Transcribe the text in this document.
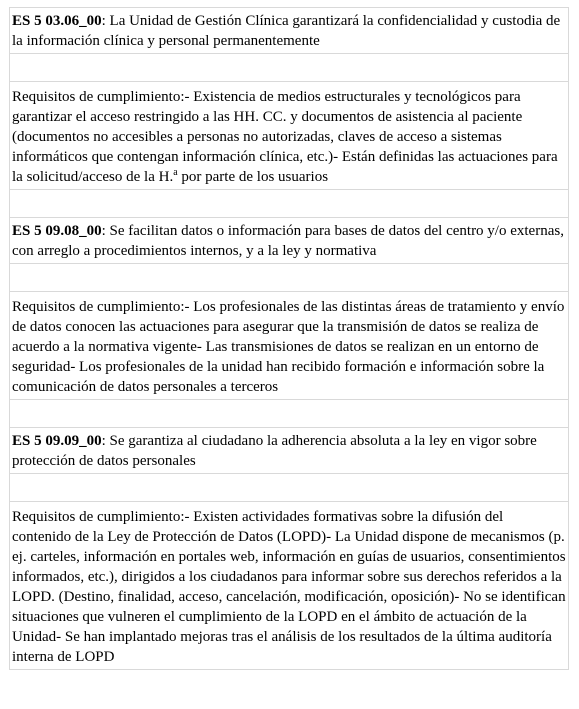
ES 5 03.06_00: La Unidad de Gestión Clínica garantizará la confidencialidad y custodia de la información clínica y personal permanentemente

Requisitos de cumplimiento:- Existencia de medios estructurales y tecnológicos para garantizar el acceso restringido a las HH. CC. y documentos de asistencia al paciente (documentos no accesibles a personas no autorizadas, claves de acceso a sistemas informáticos que contengan información clínica, etc.)- Están definidas las actuaciones para la solicitud/acceso de la H.$^a$ por parte de los usuarios

ES 5 09.08_00: Se facilitan datos o información para bases de datos del centro y/o externas, con arreglo a procedimientos internos, y a la ley y normativa

Requisitos de cumplimiento:- Los profesionales de las distintas áreas de tratamiento y envío de datos conocen las actuaciones para asegurar que la transmisión de datos se realiza de acuerdo a la normativa vigente- Las transmisiones de datos se realizan en un entorno de seguridad- Los profesionales de la unidad han recibido formación e información sobre la comunicación de datos personales a terceros

ES 5 09.09_00: Se garantiza al ciudadano la adherencia absoluta a la ley en vigor sobre protección de datos personales

Requisitos de cumplimiento:- Existen actividades formativas sobre la difusión del contenido de la Ley de Protección de Datos (LOPD)- La Unidad dispone de mecanismos (p. ej. carteles, información en portales web, información en guías de usuarios, consentimientos informados, etc.), dirigidos a los ciudadanos para informar sobre sus derechos referidos a la LOPD. (Destino, finalidad, acceso, cancelación, modificación, oposición)- No se identifican situaciones que vulneren el cumplimiento de la LOPD en el ámbito de actuación de la Unidad- Se han implantado mejoras tras el análisis de los resultados de la última auditoría interna de LOPD
